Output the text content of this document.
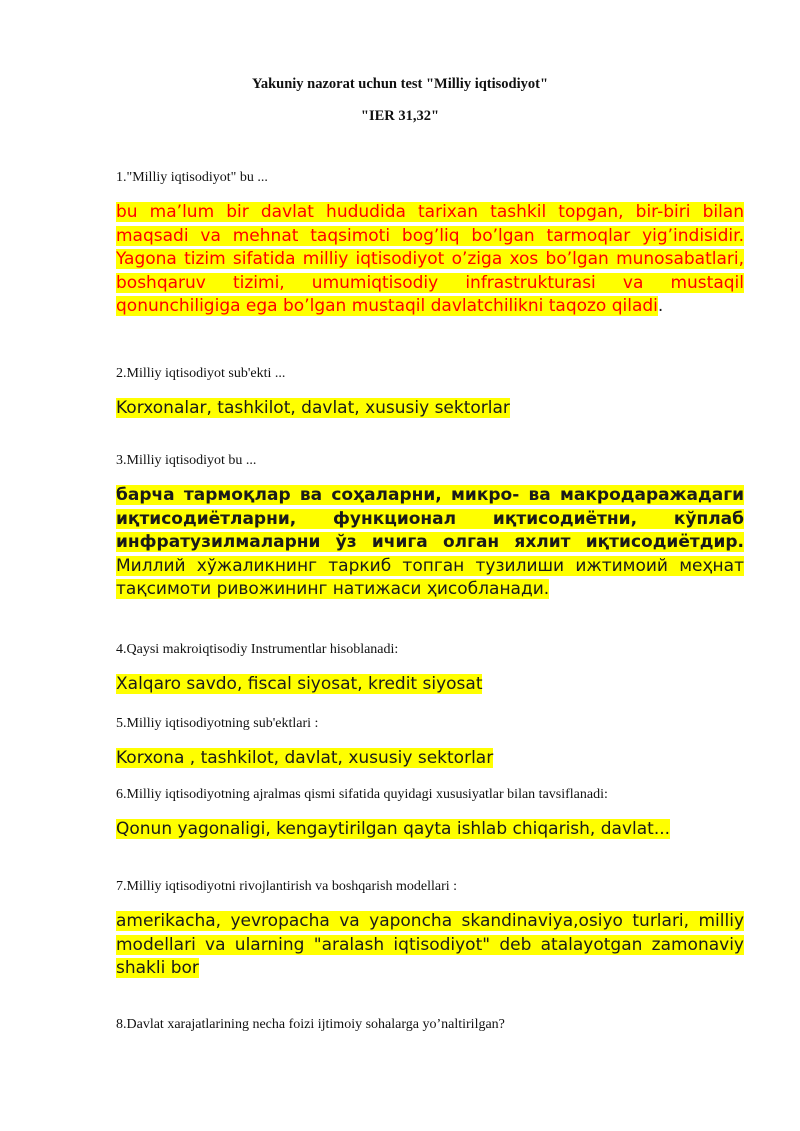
Yakuniy nazorat uchun test "Milliy iqtisodiyot"

"IER 31,32"

1."Milliy iqtisodiyot" bu ...

bu ma’lum bir davlat hududida tarixan tashkil topgan, bir-biri bilan maqsadi va mehnat taqsimoti bog’liq bo’lgan tarmoqlar yig’indisidir. Yagona tizim sifatida milliy iqtisodiyot o’ziga xos bo’lgan munosabatlari, boshqaruv tizimi, umumiqtisodiy infrastrukturasi va mustaqil qonunchiligiga ega bo’lgan mustaqil davlatchilikni taqozo qiladi.

2.Milliy iqtisodiyot sub'ekti ...

Korxonalar, tashkilot, davlat, xususiy sektorlar

3.Milliy iqtisodiyot bu ...

барча тармоқлар ва соҳаларни, микро- ва макродаражадаги иқтисодиётларни, функционал иқтисодиётни, кўплаб инфратузилмаларни ўз ичига олган яхлит иқтисодиётдир. Миллий хўжаликнинг таркиб топган тузилиши ижтимоий меҳнат тақсимоти ривожининг натижаси ҳисобланади.

4.Qaysi makroiqtisodiy Instrumentlar hisoblanadi:

Xalqaro savdo, fiscal siyosat, kredit siyosat

5.Milliy iqtisodiyotning sub'ektlari :

Korxona , tashkilot, davlat, xususiy sektorlar

6.Milliy iqtisodiyotning ajralmas qismi sifatida quyidagi xususiyatlar bilan tavsiflanadi:

Qonun yagonaligi, kengaytirilgan qayta ishlab chiqarish, davlat...

7.Milliy iqtisodiyotni rivojlantirish va boshqarish modellari :

amerikacha, yevropacha va yaponcha skandinaviya,osiyo turlari, milliy modellari va ularning "aralash iqtisodiyot" deb atalayotgan zamonaviy shakli bor

8.Davlat xarajatlarining necha foizi ijtimoiy sohalarga yo’naltirilgan?
